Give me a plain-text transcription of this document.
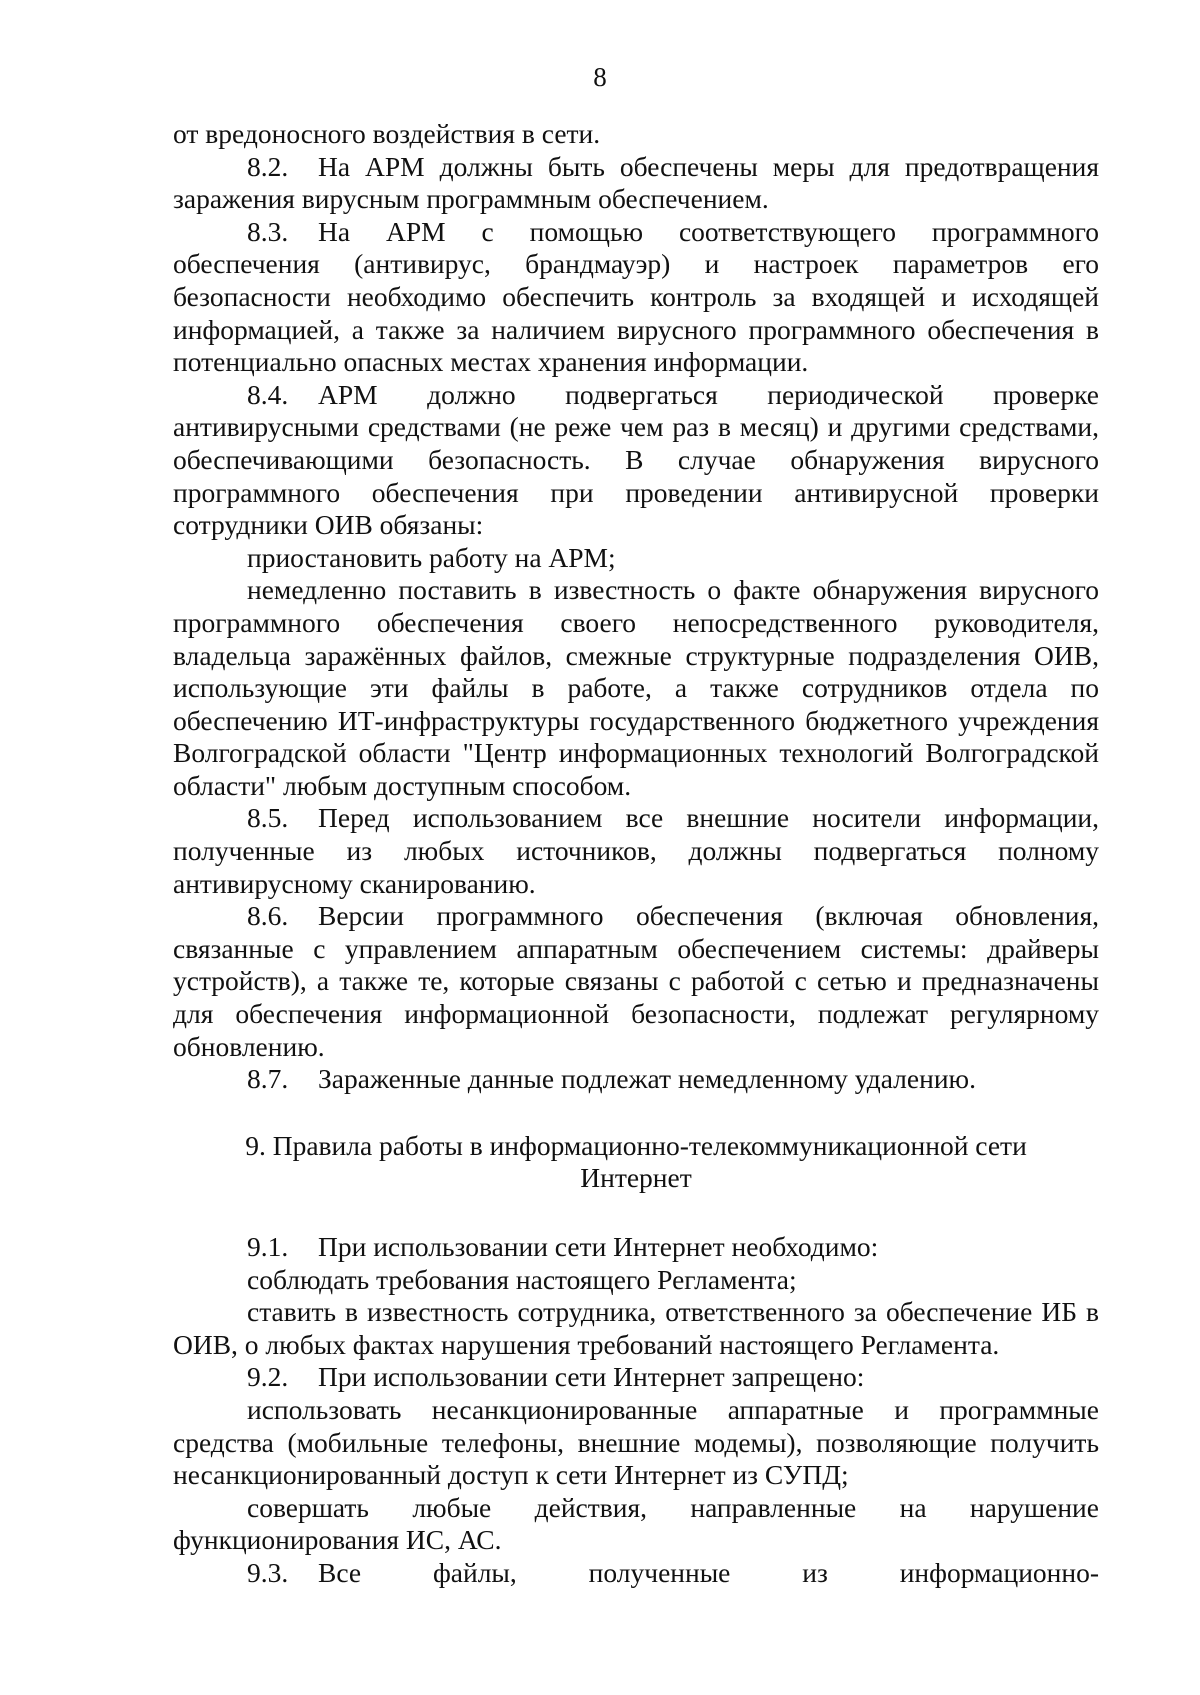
8

от вредоносного воздействия в сети.

8.2. На АРМ должны быть обеспечены меры для предотвращения заражения вирусным программным обеспечением.

8.3. На АРМ с помощью соответствующего программного обеспечения (антивирус, брандмауэр) и настроек параметров его безопасности необходимо обеспечить контроль за входящей и исходящей информацией, а также за наличием вирусного программного обеспечения в потенциально опасных местах хранения информации.

8.4. АРМ должно подвергаться периодической проверке антивирусными средствами (не реже чем раз в месяц) и другими средствами, обеспечивающими безопасность. В случае обнаружения вирусного программного обеспечения при проведении антивирусной проверки сотрудники ОИВ обязаны:

приостановить работу на АРМ;

немедленно поставить в известность о факте обнаружения вирусного программного обеспечения своего непосредственного руководителя, владельца заражённых файлов, смежные структурные подразделения ОИВ, использующие эти файлы в работе, а также сотрудников отдела по обеспечению ИТ-инфраструктуры государственного бюджетного учреждения Волгоградской области "Центр информационных технологий Волгоградской области" любым доступным способом.

8.5. Перед использованием все внешние носители информации, полученные из любых источников, должны подвергаться полному антивирусному сканированию.

8.6. Версии программного обеспечения (включая обновления, связанные с управлением аппаратным обеспечением системы: драйверы устройств), а также те, которые связаны с работой с сетью и предназначены для обеспечения информационной безопасности, подлежат регулярному обновлению.

8.7. Зараженные данные подлежат немедленному удалению.

9. Правила работы в информационно-телекоммуникационной сети
Интернет

9.1. При использовании сети Интернет необходимо:

соблюдать требования настоящего Регламента;

ставить в известность сотрудника, ответственного за обеспечение ИБ в ОИВ, о любых фактах нарушения требований настоящего Регламента.

9.2. При использовании сети Интернет запрещено:

использовать несанкционированные аппаратные и программные средства (мобильные телефоны, внешние модемы), позволяющие получить несанкционированный доступ к сети Интернет из СУПД;

совершать любые действия, направленные на нарушение функционирования ИС, АС.

9.3. Все файлы, полученные из информационно-
